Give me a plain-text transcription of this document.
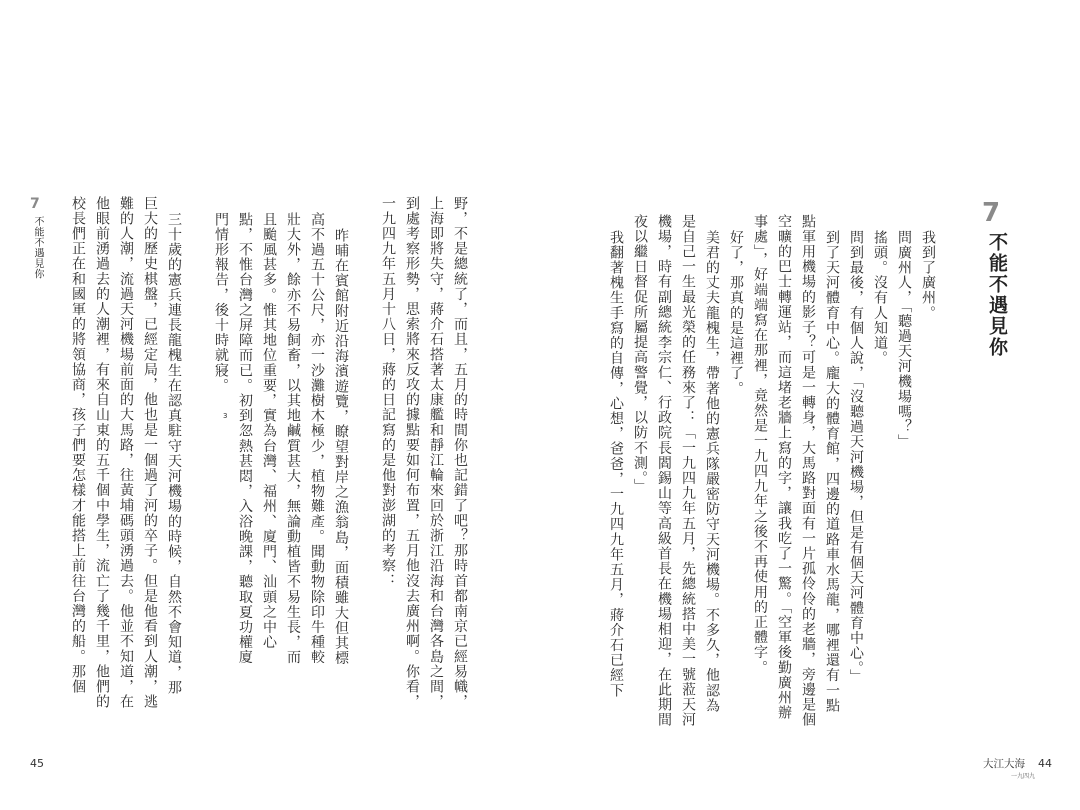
7
不能不遇見你
我到了廣州。
問廣州人，「聽過天河機場嗎？」
搖頭。沒有人知道。
問到最後，有個人說，「沒聽過天河機場，但是有個天河體育中心。」
到了天河體育中心。龐大的體育館，四邊的道路車水馬龍，哪裡還有一點
點軍用機場的影子？可是一轉身，大馬路對面有一片孤伶伶的老牆，旁邊是個
空曠的巴士轉運站，而這堵老牆上寫的字，讓我吃了一驚。「空軍後勤廣州辦
事處」，好端端寫在那裡，竟然是一九四九年之後不再使用的正體字。
好了，那真的是這裡了。
美君的丈夫龍槐生，帶著他的憲兵隊嚴密防守天河機場。不多久，他認為
是自己一生最光榮的任務來了：「一九四九年五月，先總統搭中美一號蒞天河
機場，時有副總統李宗仁、行政院長閻錫山等高級首長在機場相迎，在此期間
夜以繼日督促所屬提高警覺，以防不測。」
我翻著槐生手寫的自傳，心想，爸爸，一九四九年五月，蔣介石已經下
大江大海
一九四九
44
野，不是總統了，而且，五月的時間你也記錯了吧？那時首都南京已經易幟，
上海即將失守，蔣介石搭著太康艦和靜江輪來回於浙江沿海和台灣各島之間，
到處考察形勢，思索將來反攻的據點要如何布置，五月他沒去廣州啊。你看，
一九四九年五月十八日，蔣的日記寫的是他對澎湖的考察：
昨晡在賓館附近沿海濱遊覽，瞭望對岸之漁翁島，面積雖大但其標
高不過五十公尺，亦一沙灘樹木極少，植物難產。聞動物除印牛種較
壯大外，餘亦不易飼畜，以其地鹹質甚大，無論動植皆不易生長，而
且颱風甚多。惟其地位重要，實為台灣、福州、廈門、汕頭之中心
點，不惟台灣之屏障而已。初到忽熱甚悶，入浴晚課，聽取夏功權廈
門情形報告，後十時就寢。
3
三十歲的憲兵連長龍槐生在認真駐守天河機場的時候，自然不會知道，那
巨大的歷史棋盤，已經定局，他也是一個過了河的卒子。但是他看到人潮，逃
難的人潮，流過天河機場前面的大馬路，往黃埔碼頭湧過去。他並不知道，在
他眼前湧過去的人潮裡，有來自山東的五千個中學生，流亡了幾千里，他們的
校長們正在和國軍的將領協商，孩子們要怎樣才能搭上前往台灣的船。那個
7
不能不遇見你
45
